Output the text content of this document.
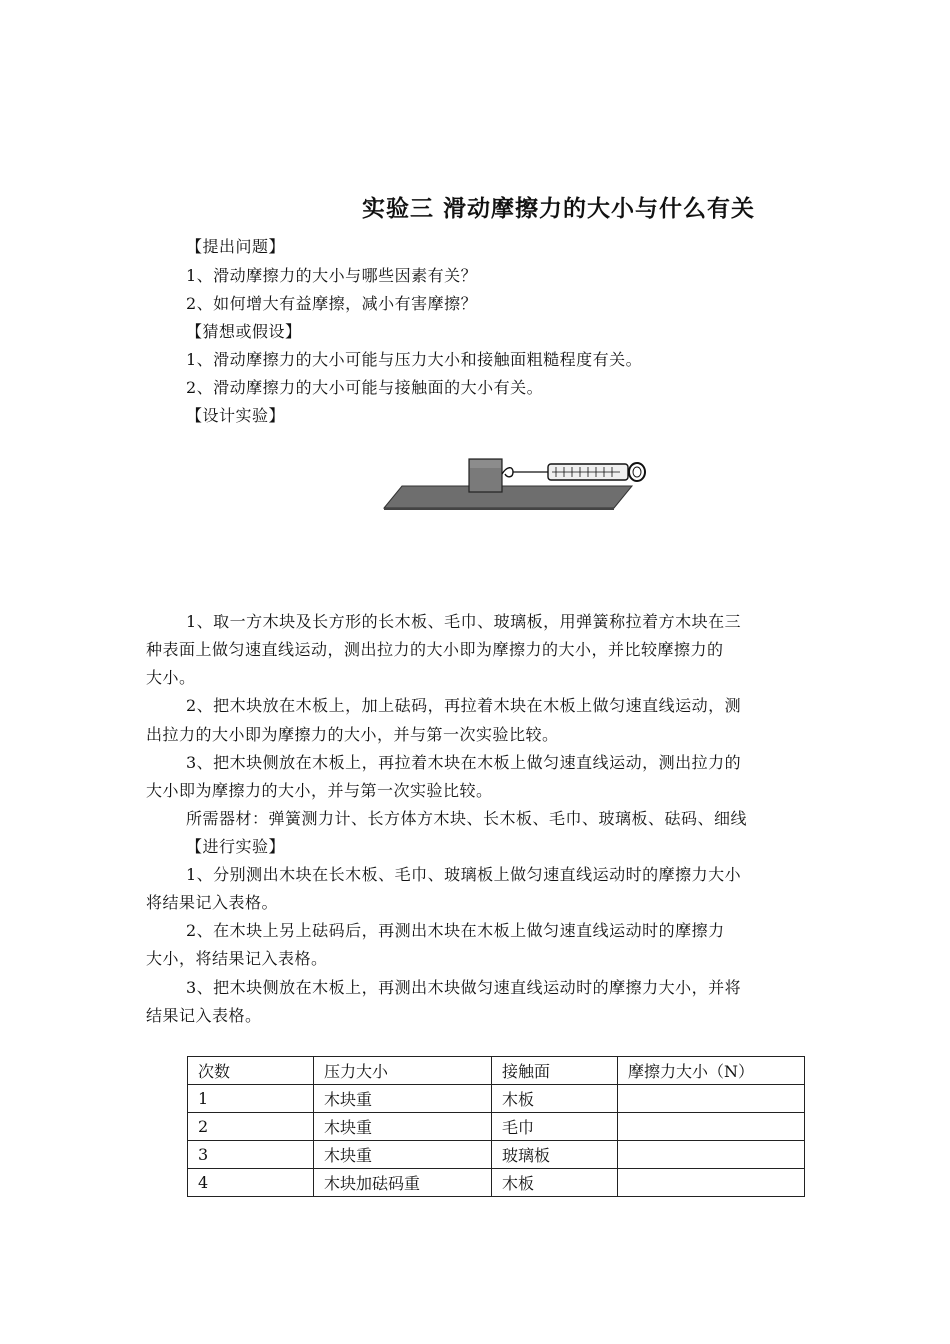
实验三 滑动摩擦力的大小与什么有关
【提出问题】
1、滑动摩擦力的大小与哪些因素有关？
2、如何增大有益摩擦，减小有害摩擦？
【猜想或假设】
1、滑动摩擦力的大小可能与压力大小和接触面粗糙程度有关。
2、滑动摩擦力的大小可能与接触面的大小有关。
【设计实验】
1、取一方木块及长方形的长木板、毛巾、玻璃板，用弹簧称拉着方木块在三
种表面上做匀速直线运动，测出拉力的大小即为摩擦力的大小，并比较摩擦力的
大小。
2、把木块放在木板上，加上砝码，再拉着木块在木板上做匀速直线运动，测
出拉力的大小即为摩擦力的大小，并与第一次实验比较。
3、把木块侧放在木板上，再拉着木块在木板上做匀速直线运动，测出拉力的
大小即为摩擦力的大小，并与第一次实验比较。
所需器材：弹簧测力计、长方体方木块、长木板、毛巾、玻璃板、砝码、细线
【进行实验】
1、分别测出木块在长木板、毛巾、玻璃板上做匀速直线运动时的摩擦力大小
将结果记入表格。
2、在木块上另上砝码后，再测出木块在木板上做匀速直线运动时的摩擦力
大小，将结果记入表格。
3、把木块侧放在木板上，再测出木块做匀速直线运动时的摩擦力大小，并将
结果记入表格。
次数	压力大小	接触面	摩擦力大小（N）
1	木块重	木板	
2	木块重	毛巾	
3	木块重	玻璃板	
4	木块加砝码重	木板	
